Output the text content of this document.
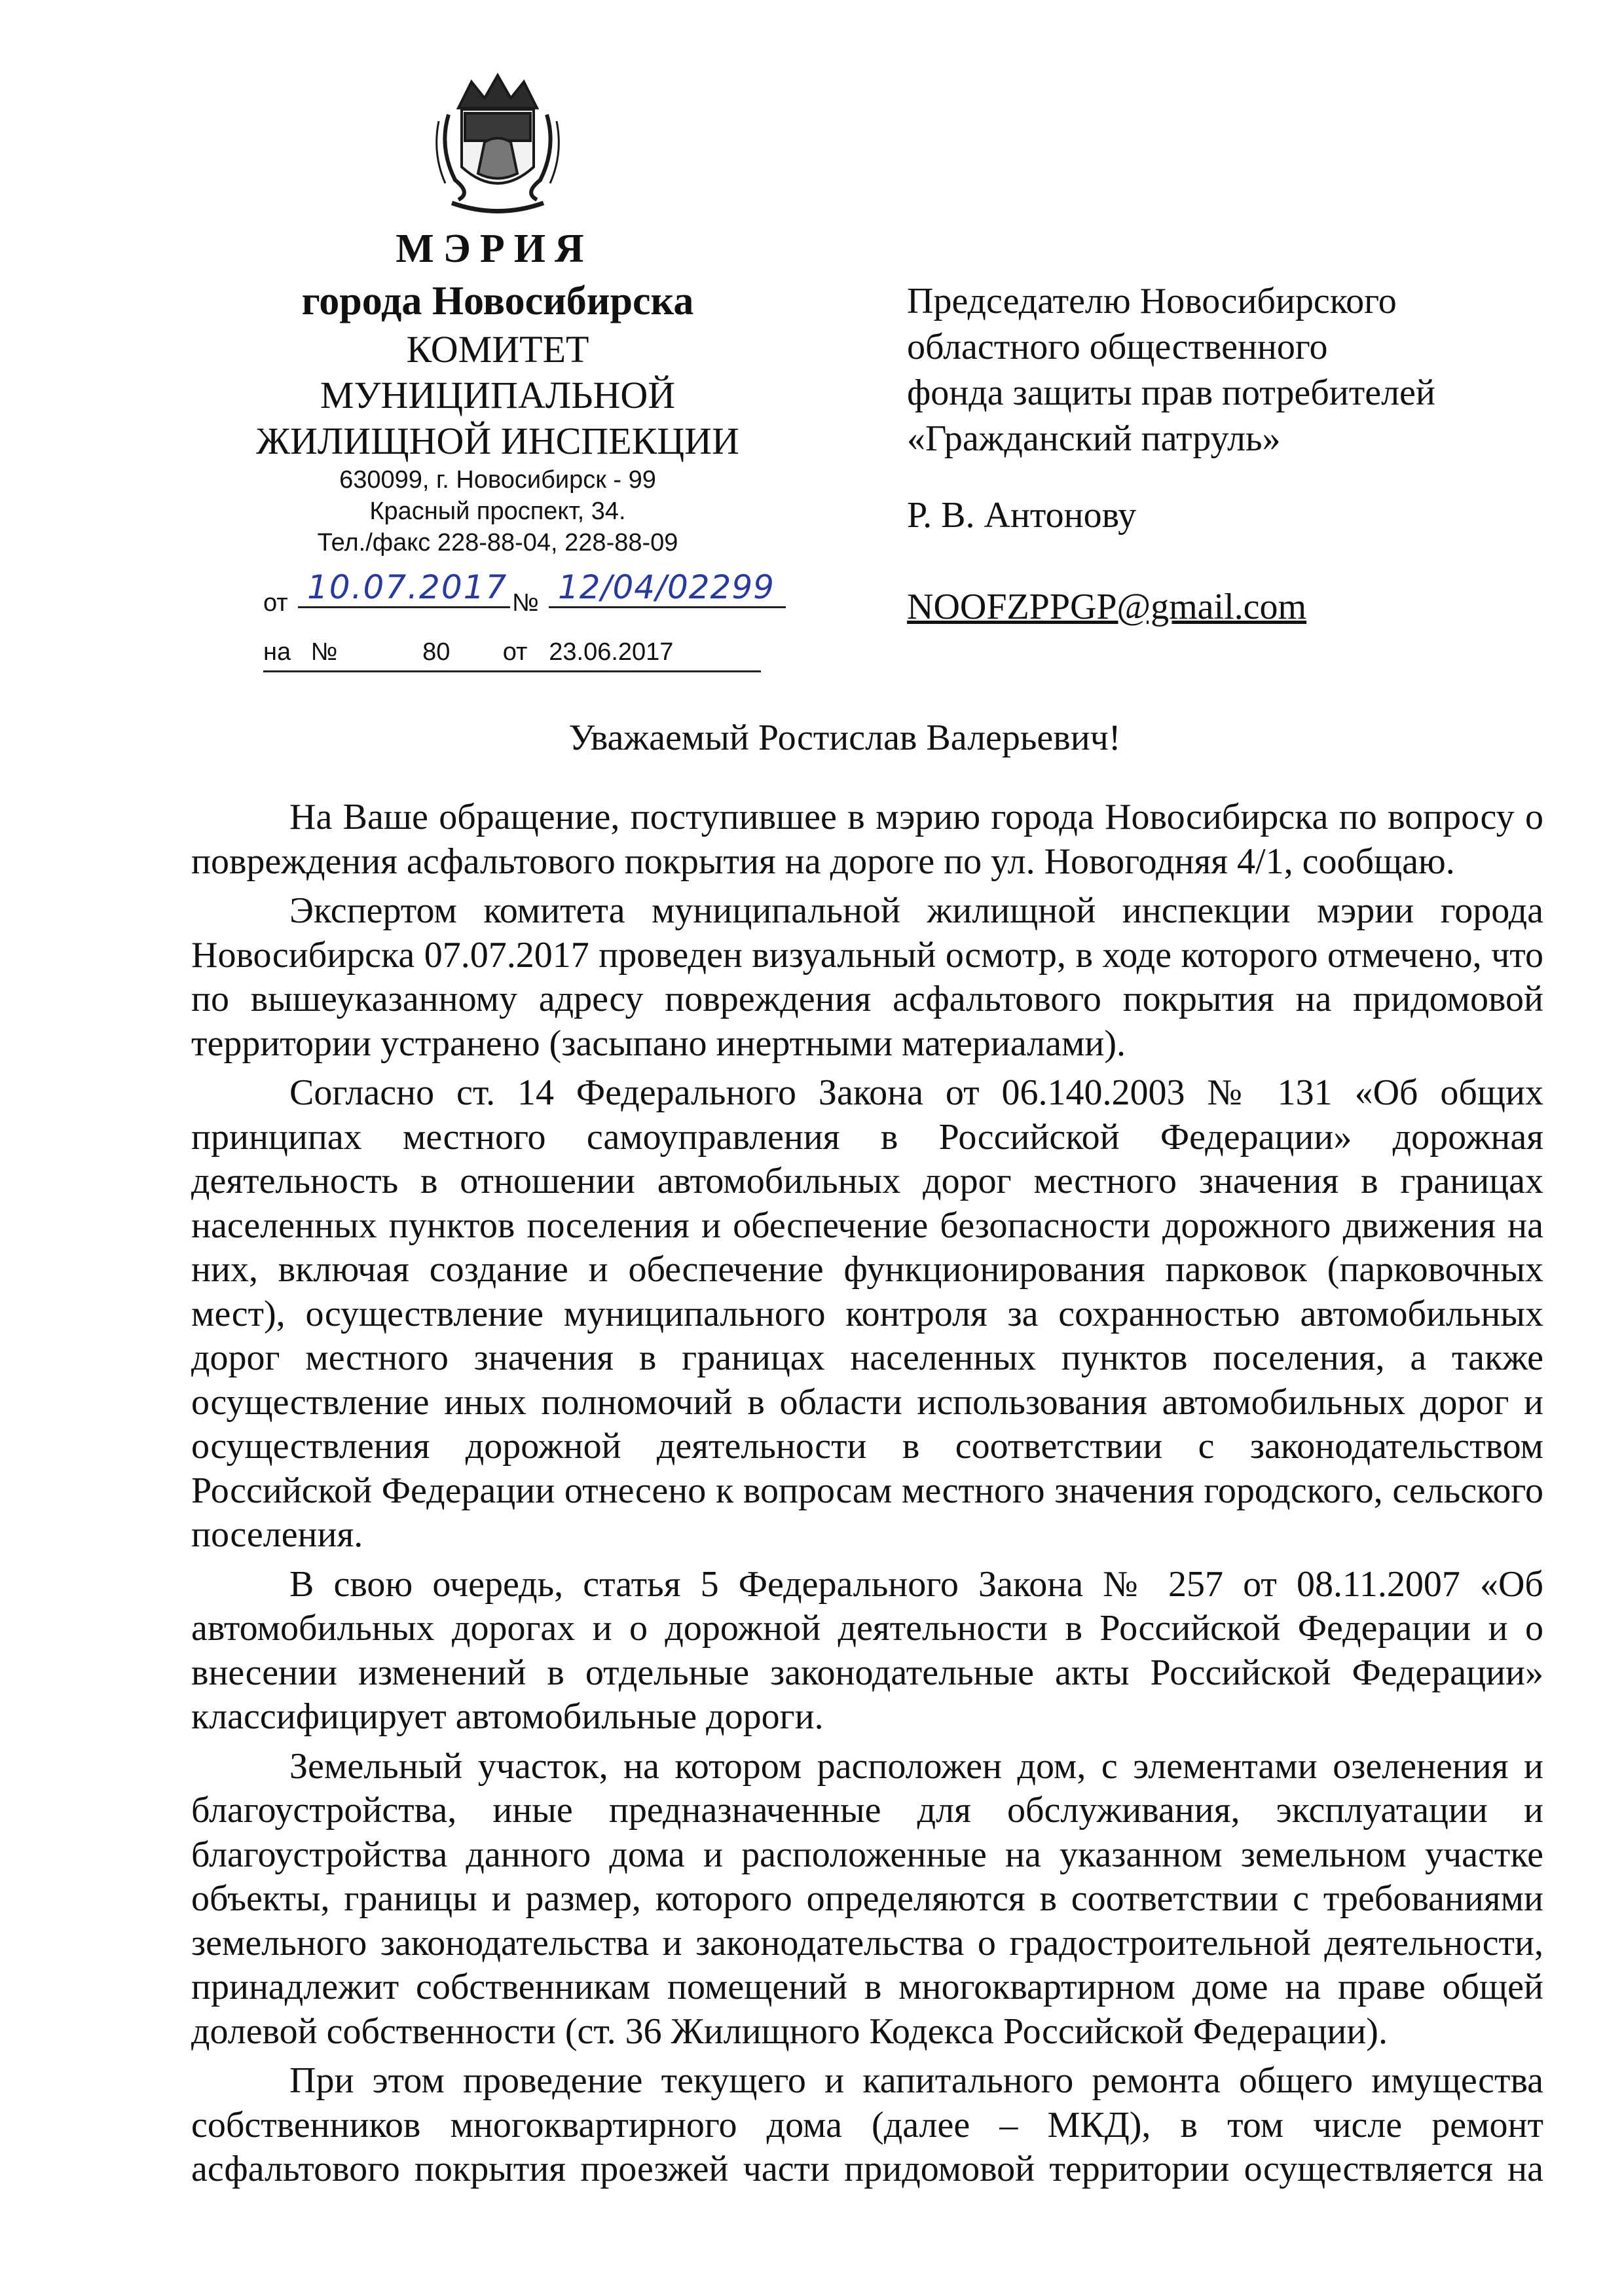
МЭРИЯ
города Новосибирска
КОМИТЕТ
МУНИЦИПАЛЬНОЙ
ЖИЛИЩНОЙ ИНСПЕКЦИИ
630099, г. Новосибирск - 99
Красный проспект, 34.
Тел./факс 228-88-04, 228-88-09
от 10.07.2017 № 12/04/02299
на №	80 от 23.06.2017
Председателю Новосибирского
областного общественного
фонда защиты прав потребителей
«Гражданский патруль»
Р. В. Антонову
NOOFZPPGP@gmail.com
Уважаемый Ростислав Валерьевич!

На Ваше обращение, поступившее в мэрию города Новосибирска по вопросу о повреждения асфальтового покрытия на дороге по ул. Новогодняя 4/1, сообщаю.

Экспертом комитета муниципальной жилищной инспекции мэрии города Новосибирска 07.07.2017 проведен визуальный осмотр, в ходе которого отмечено, что по вышеуказанному адресу повреждения асфальтового покрытия на придомовой территории устранено (засыпано инертными материалами).

Согласно ст. 14 Федерального Закона от 06.140.2003 № 131 «Об общих принципах местного самоуправления в Российской Федерации» дорожная деятельность в отношении автомобильных дорог местного значения в границах населенных пунктов поселения и обеспечение безопасности дорожного движения на них, включая создание и обеспечение функционирования парковок (парковочных мест), осуществление муниципального контроля за сохранностью автомобильных дорог местного значения в границах населенных пунктов поселения, а также осуществление иных полномочий в области использования автомобильных дорог и осуществления дорожной деятельности в соответствии с законодательством Российской Федерации отнесено к вопросам местного значения городского, сельского поселения.

В свою очередь, статья 5 Федерального Закона № 257 от 08.11.2007 «Об автомобильных дорогах и о дорожной деятельности в Российской Федерации и о внесении изменений в отдельные законодательные акты Российской Федерации» классифицирует автомобильные дороги.

Земельный участок, на котором расположен дом, с элементами озеленения и благоустройства, иные предназначенные для обслуживания, эксплуатации и благоустройства данного дома и расположенные на указанном земельном участке объекты, границы и размер, которого определяются в соответствии с требованиями земельного законодательства и законодательства о градостроительной деятельности, принадлежит собственникам помещений в многоквартирном доме на праве общей долевой собственности (ст. 36 Жилищного Кодекса Российской Федерации).

При этом проведение текущего и капитального ремонта общего имущества собственников многоквартирного дома (далее – МКД), в том числе ремонт асфальтового покрытия проезжей части придомовой территории осуществляется на
